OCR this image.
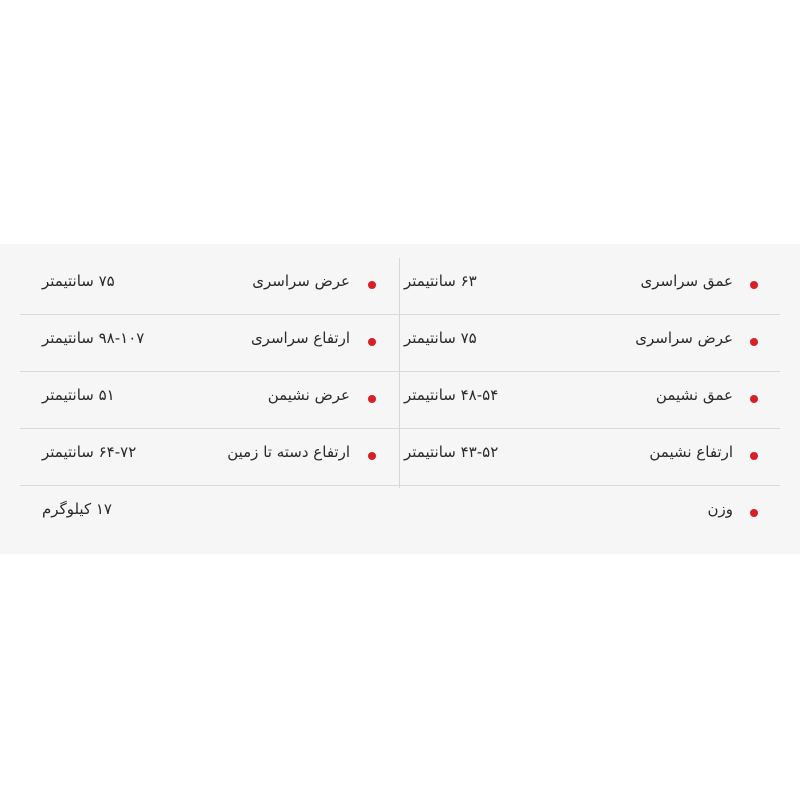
عمق سراسری
۶۳ سانتیمتر
عرض سراسری
۷۵ سانتیمتر
عرض سراسری
۷۵ سانتیمتر
ارتفاع سراسری
۹۸-۱۰۷ سانتیمتر
عمق نشیمن
۴۸-۵۴ سانتیمتر
عرض نشیمن
۵۱ سانتیمتر
ارتفاع نشیمن
۴۳-۵۲ سانتیمتر
ارتفاع دسته تا زمین
۶۴-۷۲ سانتیمتر
وزن
۱۷ کیلوگرم
